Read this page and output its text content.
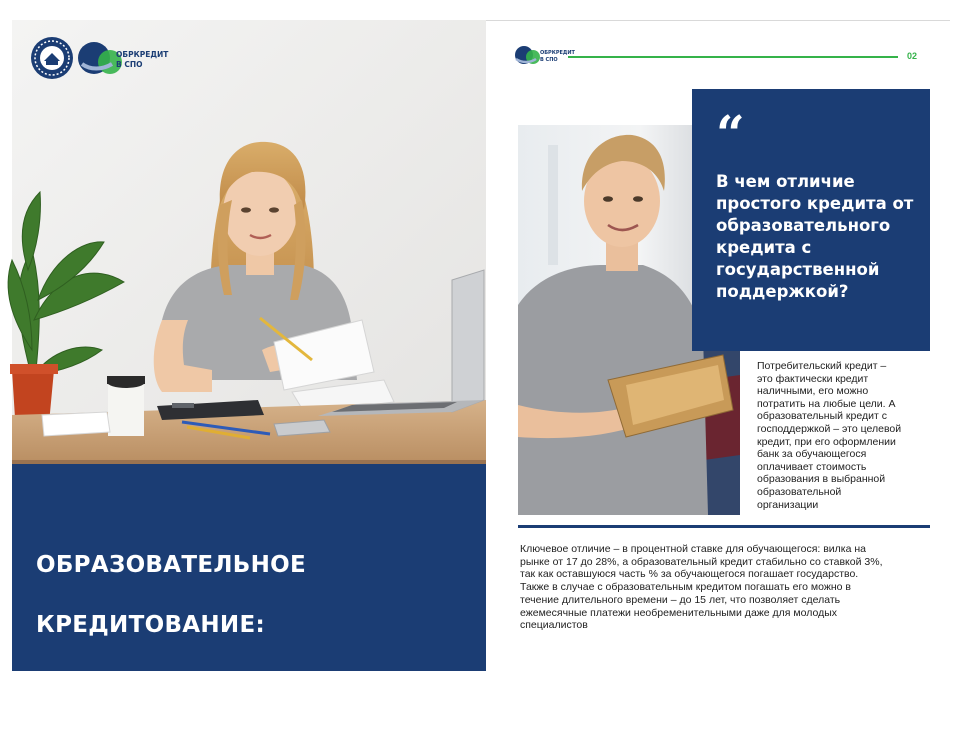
ОБРКРЕДИТ
В СПО

ОБРАЗОВАТЕЛЬНОЕ

КРЕДИТОВАНИЕ:

ПОСОБИЕ ДЛЯ СТУДЕНТОВ СПО

ОБРКРЕДИТ
В СПО	02
“
В чем отличие
простого кредита от
образовательного
кредита с
государственной
поддержкой?

Потребительский кредит –
это фактически кредит
наличными, его можно
потратить на любые цели. А
образовательный кредит с
господдержкой – это целевой
кредит, при его оформлении
банк за обучающегося
оплачивает стоимость
образования в выбранной
образовательной
организации

Ключевое отличие – в процентной ставке для обучающегося: вилка на
рынке от 17 до 28%, а образовательный кредит стабильно со ставкой 3%,
так как оставшуюся часть % за обучающегося погашает государство.
Также в случае с образовательным кредитом погашать его можно в
течение длительного времени – до 15 лет, что позволяет сделать
ежемесячные платежи необременительными даже для молодых
специалистов
